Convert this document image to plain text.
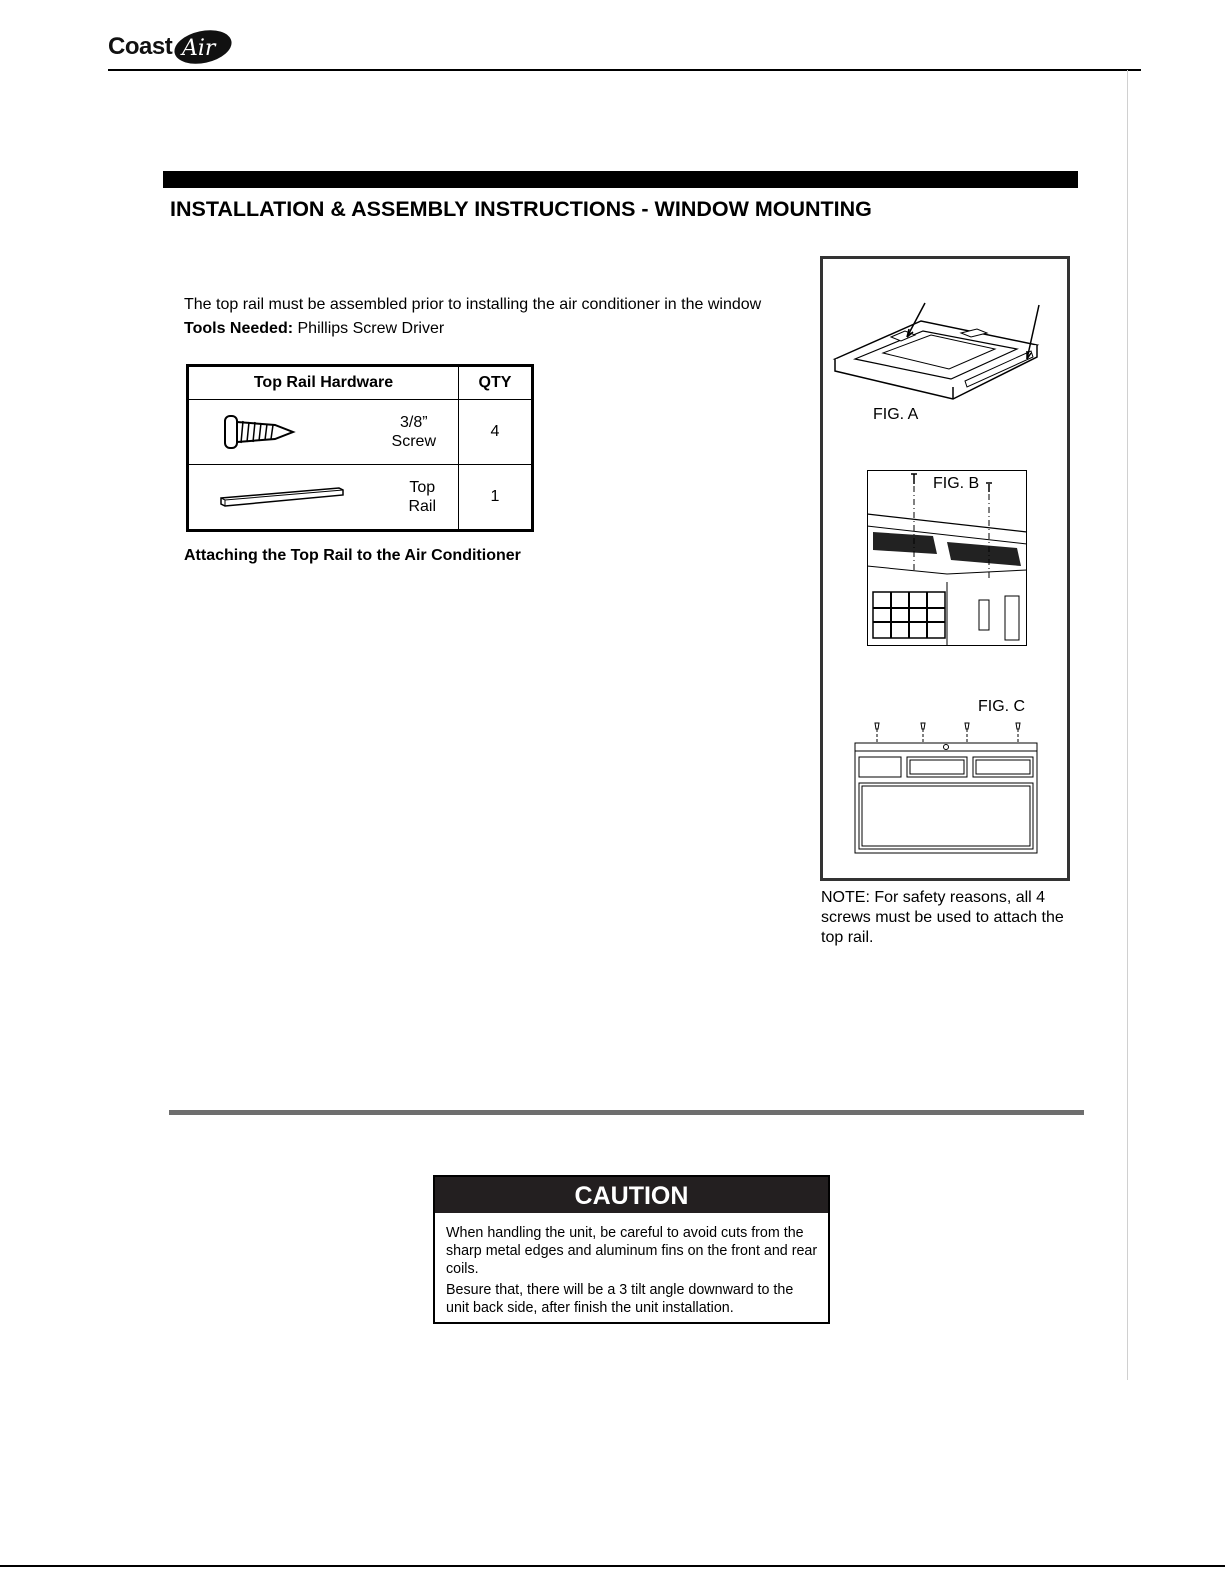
Coast Air
INSTALLATION & ASSEMBLY INSTRUCTIONS - WINDOW MOUNTING
The top rail must be assembled prior to installing the air conditioner in the window
Tools Needed: Phillips Screw Driver
Top Rail Hardware	QTY

3/8”
Screw	4

Top
Rail	1
Attaching the Top Rail to the Air Conditioner
FIG. A
FIG. B
FIG. C
NOTE: For safety reasons, all 4 screws must be used to attach the top rail.
CAUTION

When handling the unit, be careful to avoid cuts from the sharp metal edges and aluminum fins on the front and rear coils.

Besure that, there will be a 3 tilt angle downward to the unit back side, after finish the unit installation.
